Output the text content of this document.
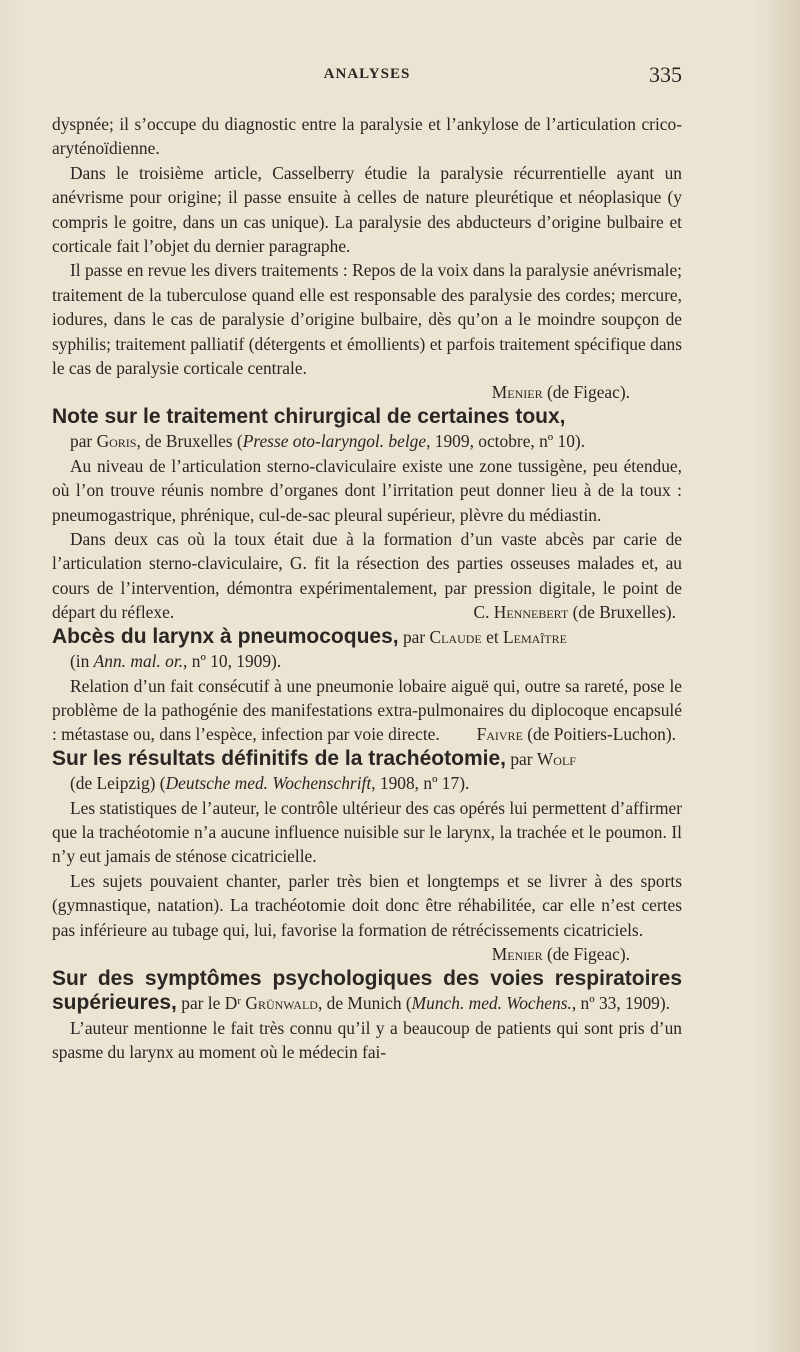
ANALYSES	335

dyspnée; il s’occupe du diagnostic entre la paralysie et l’ankylose de l’articulation crico-aryténoïdienne.

Dans le troisième article, Casselberry étudie la paralysie récurrentielle ayant un anévrisme pour origine; il passe ensuite à celles de nature pleurétique et néoplasique (y compris le goitre, dans un cas unique). La paralysie des abducteurs d’origine bulbaire et corticale fait l’objet du dernier paragraphe.

Il passe en revue les divers traitements : Repos de la voix dans la paralysie anévrismale; traitement de la tuberculose quand elle est responsable des paralysie des cordes; mercure, iodures, dans le cas de paralysie d’origine bulbaire, dès qu’on a le moindre soupçon de syphilis; traitement palliatif (détergents et émollients) et parfois traitement spécifique dans le cas de paralysie corticale centrale.

Menier (de Figeac).

Note sur le traitement chirurgical de certaines toux,

par Goris, de Bruxelles (Presse oto-laryngol. belge, 1909, octobre, nº 10).

Au niveau de l’articulation sterno-claviculaire existe une zone tussigène, peu étendue, où l’on trouve réunis nombre d’organes dont l’irritation peut donner lieu à de la toux : pneumogastrique, phrénique, cul-de-sac pleural supérieur, plèvre du médiastin.

Dans deux cas où la toux était due à la formation d’un vaste abcès par carie de l’articulation sterno-claviculaire, G. fit la résection des parties osseuses malades et, au cours de l’intervention, démontra expérimentalement, par pression digitale, le point de départ du réflexe.	C. Hennebert (de Bruxelles).

Abcès du larynx à pneumocoques, par Claude et Lemaître

(in Ann. mal. or., nº 10, 1909).

Relation d’un fait consécutif à une pneumonie lobaire aiguë qui, outre sa rareté, pose le problème de la pathogénie des manifestations extra-pulmonaires du diplocoque encapsulé : métastase ou, dans l’espèce, infection par voie directe.	Faivre (de Poitiers-Luchon).

Sur les résultats définitifs de la trachéotomie, par Wolf

(de Leipzig) (Deutsche med. Wochenschrift, 1908, nº 17).

Les statistiques de l’auteur, le contrôle ultérieur des cas opérés lui permettent d’affirmer que la trachéotomie n’a aucune influence nuisible sur le larynx, la trachée et le poumon. Il n’y eut jamais de sténose cicatricielle.

Les sujets pouvaient chanter, parler très bien et longtemps et se livrer à des sports (gymnastique, natation). La trachéotomie doit donc être réhabilitée, car elle n’est certes pas inférieure au tubage qui, lui, favorise la formation de rétrécissements cicatriciels.

Menier (de Figeac).

Sur des symptômes psychologiques des voies respiratoires supérieures, par le Dʳ Grünwald, de Munich (Munch. med. Wochens., nº 33, 1909).

L’auteur mentionne le fait très connu qu’il y a beaucoup de patients qui sont pris d’un spasme du larynx au moment où le médecin fai-
